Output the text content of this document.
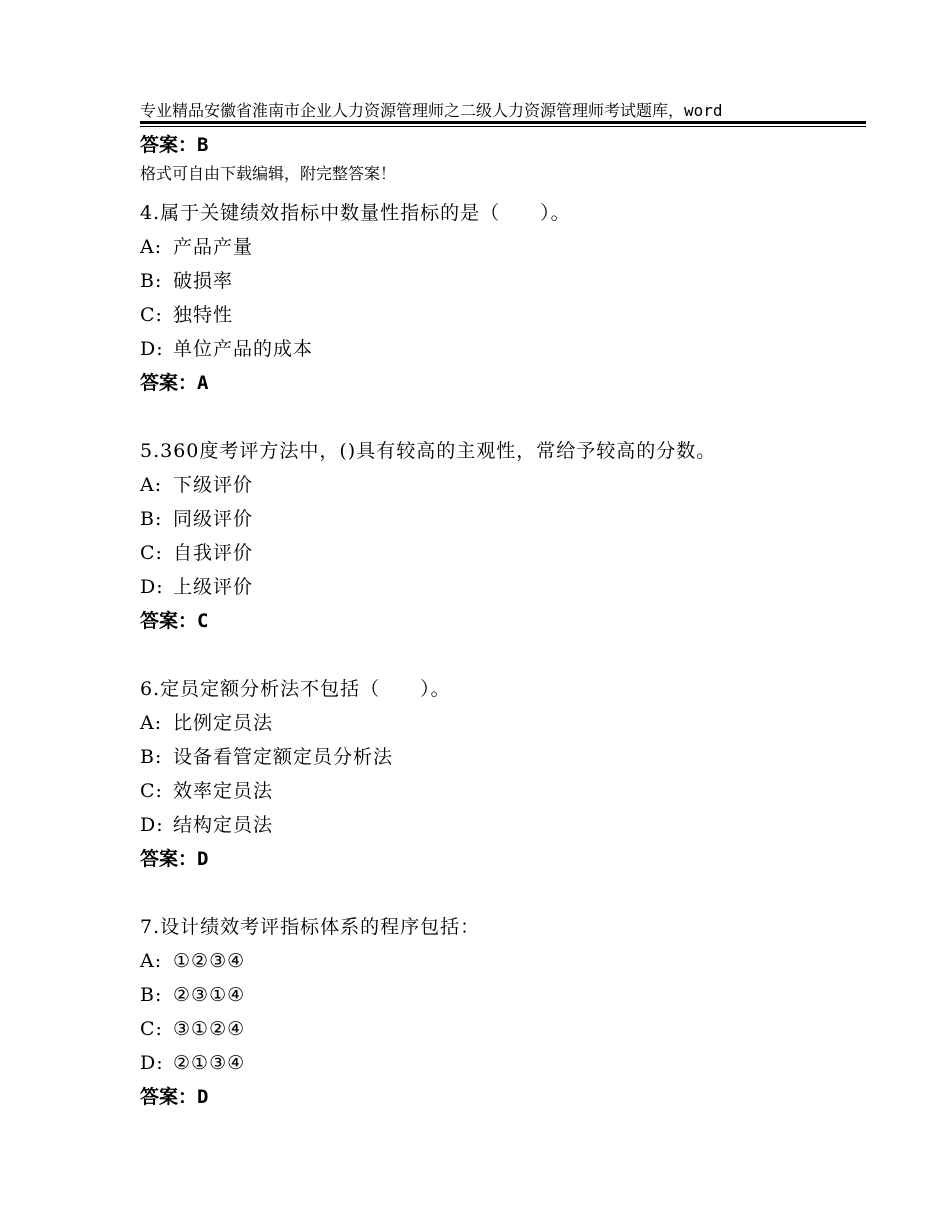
专业精品安徽省淮南市企业人力资源管理师之二级人力资源管理师考试题库，word

格式可自由下载编辑，附完整答案！

答案：B
4.属于关键绩效指标中数量性指标的是（　　）。
A: 产品产量
B: 破损率
C: 独特性
D: 单位产品的成本
答案：A
5.360度考评方法中，()具有较高的主观性，常给予较高的分数。
A: 下级评价
B: 同级评价
C: 自我评价
D: 上级评价
答案：C
6.定员定额分析法不包括（　　）。
A: 比例定员法
B: 设备看管定额定员分析法
C: 效率定员法
D: 结构定员法
答案：D
7.设计绩效考评指标体系的程序包括：
A: ①②③④
B: ②③①④
C: ③①②④
D: ②①③④
答案：D
